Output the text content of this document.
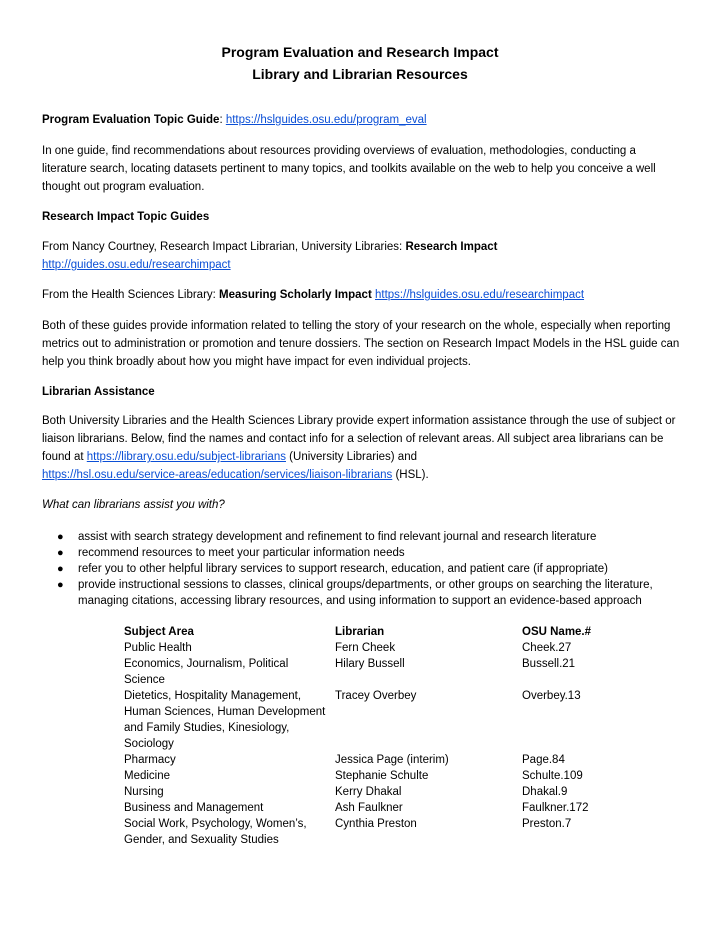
Program Evaluation and Research Impact
Library and Librarian Resources

Program Evaluation Topic Guide: https://hslguides.osu.edu/program_eval

In one guide, find recommendations about resources providing overviews of evaluation, methodologies, conducting a literature search, locating datasets pertinent to many topics, and toolkits available on the web to help you conceive a well thought out program evaluation.

Research Impact Topic Guides

From Nancy Courtney, Research Impact Librarian, University Libraries: Research Impact
http://guides.osu.edu/researchimpact

From the Health Sciences Library: Measuring Scholarly Impact https://hslguides.osu.edu/researchimpact

Both of these guides provide information related to telling the story of your research on the whole, especially when reporting metrics out to administration or promotion and tenure dossiers. The section on Research Impact Models in the HSL guide can help you think broadly about how you might have impact for even individual projects.

Librarian Assistance

Both University Libraries and the Health Sciences Library provide expert information assistance through the use of subject or liaison librarians. Below, find the names and contact info for a selection of relevant areas. All subject area librarians can be found at https://library.osu.edu/subject-librarians (University Libraries) and
https://hsl.osu.edu/service-areas/education/services/liaison-librarians (HSL).

What can librarians assist you with?

● assist with search strategy development and refinement to find relevant journal and research literature
● recommend resources to meet your particular information needs
● refer you to other helpful library services to support research, education, and patient care (if appropriate)
● provide instructional sessions to classes, clinical groups/departments, or other groups on searching the literature, managing citations, accessing library resources, and using information to support an evidence-based approach
Subject Area	Librarian	OSU Name.#

Public Health	Fern Cheek	Cheek.27

Economics, Journalism, Political Science	Hilary Bussell	Bussell.21

Dietetics, Hospitality Management, Human Sciences, Human Development and Family Studies, Kinesiology, Sociology	Tracey Overbey	Overbey.13

Pharmacy	Jessica Page (interim)	Page.84

Medicine	Stephanie Schulte	Schulte.109

Nursing	Kerry Dhakal	Dhakal.9

Business and Management	Ash Faulkner	Faulkner.172

Social Work, Psychology, Women’s, Gender, and Sexuality Studies	Cynthia Preston	Preston.7
